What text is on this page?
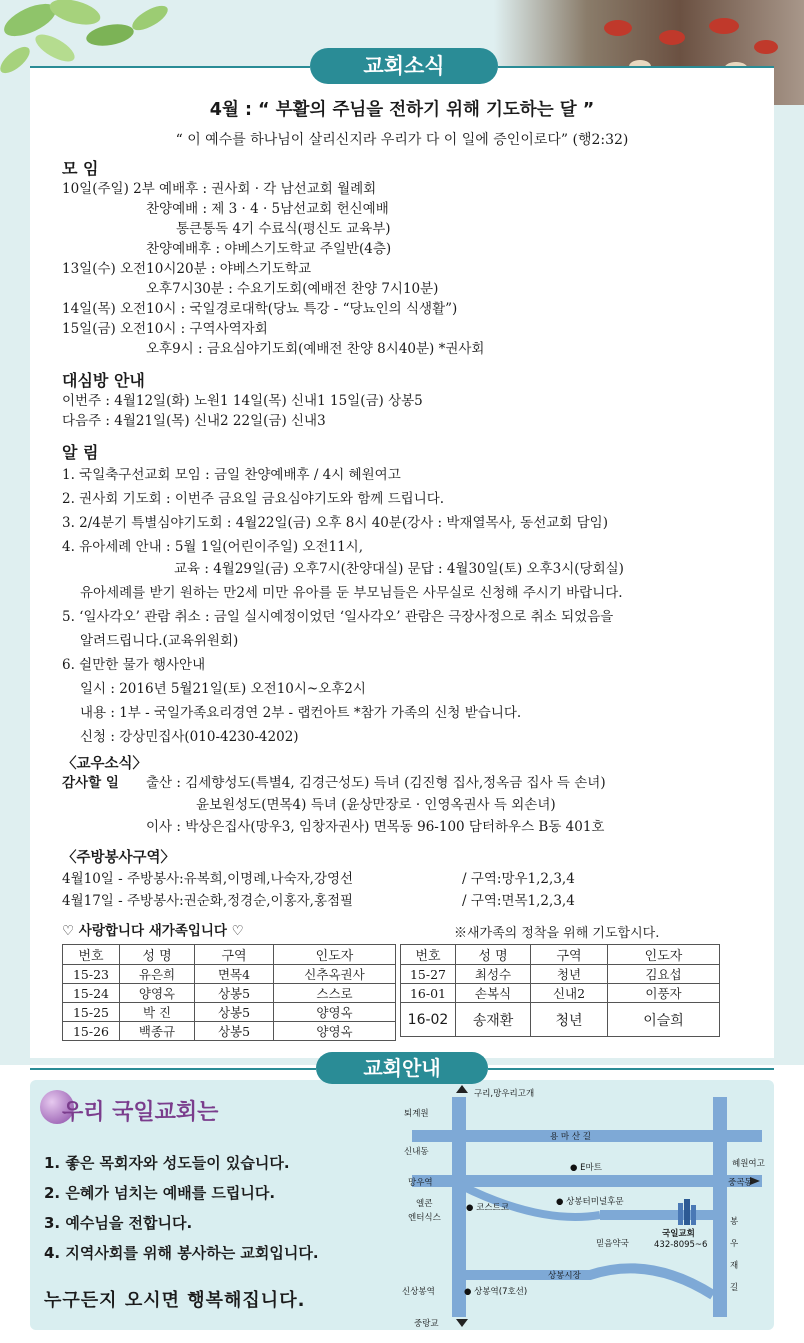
교회소식
4월 : “ 부활의 주님을 전하기 위해 기도하는 달 ”
“ 이 예수를 하나님이 살리신지라 우리가 다 이 일에 증인이로다” (행2:32)
모 임
10일(주일) 2부 예배후 : 권사회 · 각 남선교회 월례회
찬양예배 : 제 3 · 4 · 5남선교회 헌신예배
통큰통독 4기 수료식(평신도 교육부)
찬양예배후 : 야베스기도학교 주일반(4층)
13일(수) 오전10시20분 : 야베스기도학교
오후7시30분 : 수요기도회(예배전 찬양 7시10분)
14일(목) 오전10시 : 국일경로대학(당뇨 특강 - “당뇨인의 식생활”)
15일(금) 오전10시 : 구역사역자회
오후9시 : 금요심야기도회(예배전 찬양 8시40분) *권사회
대심방 안내
이번주 : 4월12일(화) 노원1 14일(목) 신내1 15일(금) 상봉5
다음주 : 4월21일(목) 신내2 22일(금) 신내3
알 림
1. 국일축구선교회 모임 : 금일 찬양예배후 / 4시 혜원여고
2. 권사회 기도회 : 이번주 금요일 금요심야기도와 함께 드립니다.
3. 2/4분기 특별심야기도회 : 4월22일(금) 오후 8시 40분(강사 : 박재열목사, 동선교회 담임)
4. 유아세례 안내 : 5월 1일(어린이주일) 오전11시,
교육 : 4월29일(금) 오후7시(찬양대실) 문답 : 4월30일(토) 오후3시(당회실)
유아세례를 받기 원하는 만2세 미만 유아를 둔 부모님들은 사무실로 신청해 주시기 바랍니다.
5. ‘일사각오’ 관람 취소 : 금일 실시예정이었던 ‘일사각오’ 관람은 극장사정으로 취소 되었음을
알려드립니다.(교육위원회)
6. 쉴만한 물가 행사안내
일시 : 2016년 5월21일(토) 오전10시~오후2시
내용 : 1부 - 국일가족요리경연 2부 - 랩컨아트 *참가 가족의 신청 받습니다.
신청 : 강상민집사(010-4230-4202)
〈교우소식〉
감사할 일 출산 : 김세향성도(특별4, 김경근성도) 득녀 (김진형 집사,정옥금 집사 득 손녀)
윤보원성도(면목4) 득녀 (윤상만장로 · 인영옥권사 득 외손녀)
이사 : 박상은집사(망우3, 임창자권사) 면목동 96-100 담터하우스 B동 401호
〈주방봉사구역〉
4월10일 - 주방봉사:유복희,이명례,나숙자,강영선	/ 구역:망우1,2,3,4
4월17일 - 주방봉사:권순화,정경순,이홍자,홍점필	/ 구역:면목1,2,3,4
♡ 사랑합니다 새가족입니다 ♡	※새가족의 정착을 위해 기도합시다.
번호	성 명	구역	인도자
15-23	유은희	면목4	신추옥권사
15-24	양영옥	상봉5	스스로
15-25	박 진	상봉5	양영옥
15-26	백종규	상봉5	양영옥
번호	성 명	구역	인도자
15-27	최성수	청년	김요섭
16-01	손복식	신내2	이풍자
16-02	송재환	청년	이슬희
교회안내
우리 국일교회는
1. 좋은 목회자와 성도들이 있습니다.
2. 은혜가 넘치는 예배를 드립니다.
3. 예수님을 전합니다.
4. 지역사회를 위해 봉사하는 교회입니다.
누구든지 오시면 행복해집니다.
구리,망우리고개
퇴계원
용 마 산 길
신내동
혜원여고
● E마트
망우역	중곡동
엘콘
엔터식스
● 코스트코
● 상봉터미널후문
국일교회
432-8095~6
믿음약국
봉
우
재
길
상봉시장
신상봉역	● 상봉역(7호선)
중랑교
